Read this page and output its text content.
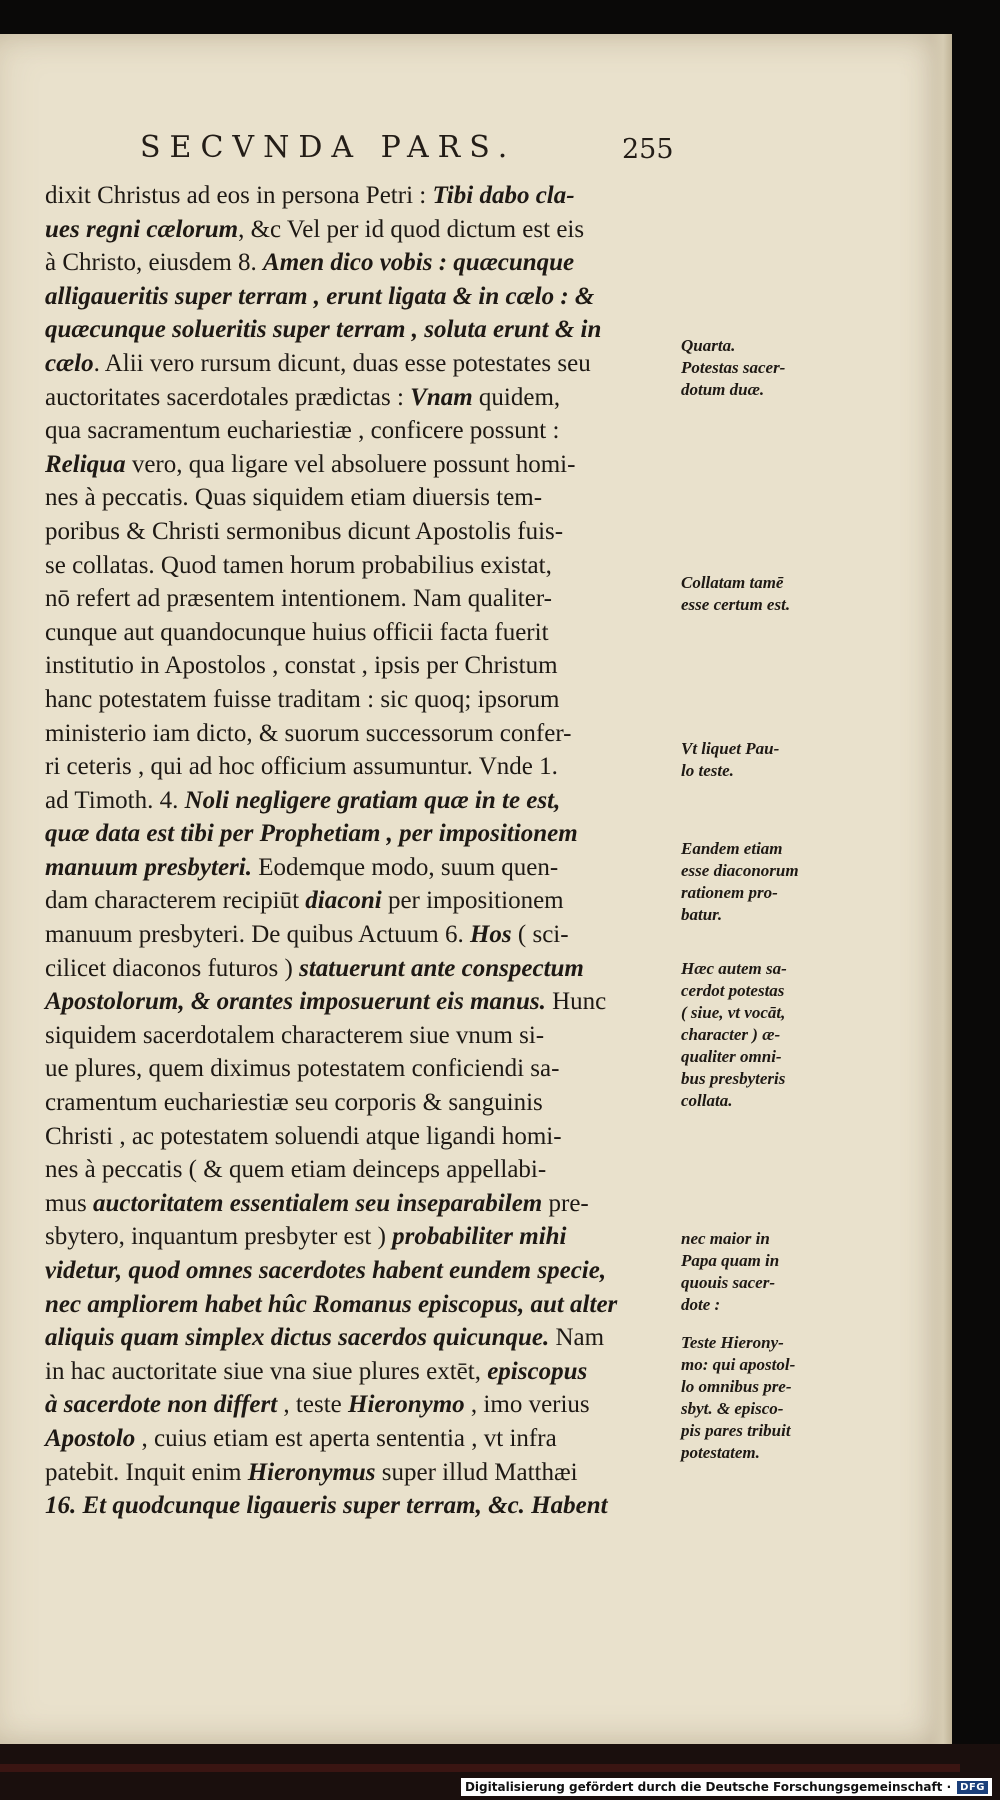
SECVNDA PARS.	255
dixit Christus ad eos in persona Petri : Tibi dabo cla-
ues regni cælorum, &c Vel per id quod dictum est eis
à Christo, eiusdem 8. Amen dico vobis : quæcunque
alligaueritis super terram , erunt ligata & in cælo : &
quæcunque solueritis super terram , soluta erunt & in
cælo. Alii vero rursum dicunt, duas esse potestates seu
auctoritates sacerdotales prædictas : Vnam quidem,
qua sacramentum euchariestiæ , conficere possunt :
Reliqua vero, qua ligare vel absoluere possunt homi-
nes à peccatis. Quas siquidem etiam diuersis tem-
poribus & Christi sermonibus dicunt Apostolis fuis-
se collatas. Quod tamen horum probabilius existat,
nō refert ad præsentem intentionem. Nam qualiter-
cunque aut quandocunque huius officii facta fuerit
institutio in Apostolos , constat , ipsis per Christum
hanc potestatem fuisse traditam : sic quoq; ipsorum
ministerio iam dicto, & suorum successorum confer-
ri ceteris , qui ad hoc officium assumuntur. Vnde 1.
ad Timoth. 4. Noli negligere gratiam quæ in te est,
quæ data est tibi per Prophetiam , per impositionem
manuum presbyteri. Eodemque modo, suum quen-
dam characterem recipiūt diaconi per impositionem
manuum presbyteri. De quibus Actuum 6. Hos ( sci-
cilicet diaconos futuros ) statuerunt ante conspectum
Apostolorum, & orantes imposuerunt eis manus. Hunc
siquidem sacerdotalem characterem siue vnum si-
ue plures, quem diximus potestatem conficiendi sa-
cramentum euchariestiæ seu corporis & sanguinis
Christi , ac potestatem soluendi atque ligandi homi-
nes à peccatis ( & quem etiam deinceps appellabi-
mus auctoritatem essentialem seu inseparabilem pre-
sbytero, inquantum presbyter est ) probabiliter mihi
videtur, quod omnes sacerdotes habent eundem specie,
nec ampliorem habet hûc Romanus episcopus, aut alter
aliquis quam simplex dictus sacerdos quicunque. Nam
in hac auctoritate siue vna siue plures extēt, episcopus
à sacerdote non differt , teste Hieronymo , imo verius
Apostolo , cuius etiam est aperta sententia , vt infra
patebit. Inquit enim Hieronymus super illud Matthæi
16. Et quodcunque ligaueris super terram, &c. Habent
Quarta.
Potestas sacer-
dotum duæ.
Collatam tamē
esse certum est.
Vt liquet Pau-
lo teste.
Eandem etiam
esse diaconorum
rationem pro-
batur.
Hæc autem sa-
cerdot potestas
( siue, vt vocāt,
character ) æ-
qualiter omni-
bus presbyteris
collata.
nec maior in
Papa quam in
quouis sacer-
dote :
Teste Hierony-
mo: qui apostol-
lo omnibus pre-
sbyt. & episco-
pis pares tribuit
potestatem.
Digitalisierung gefördert durch die Deutsche Forschungsgemeinschaft · DFG
